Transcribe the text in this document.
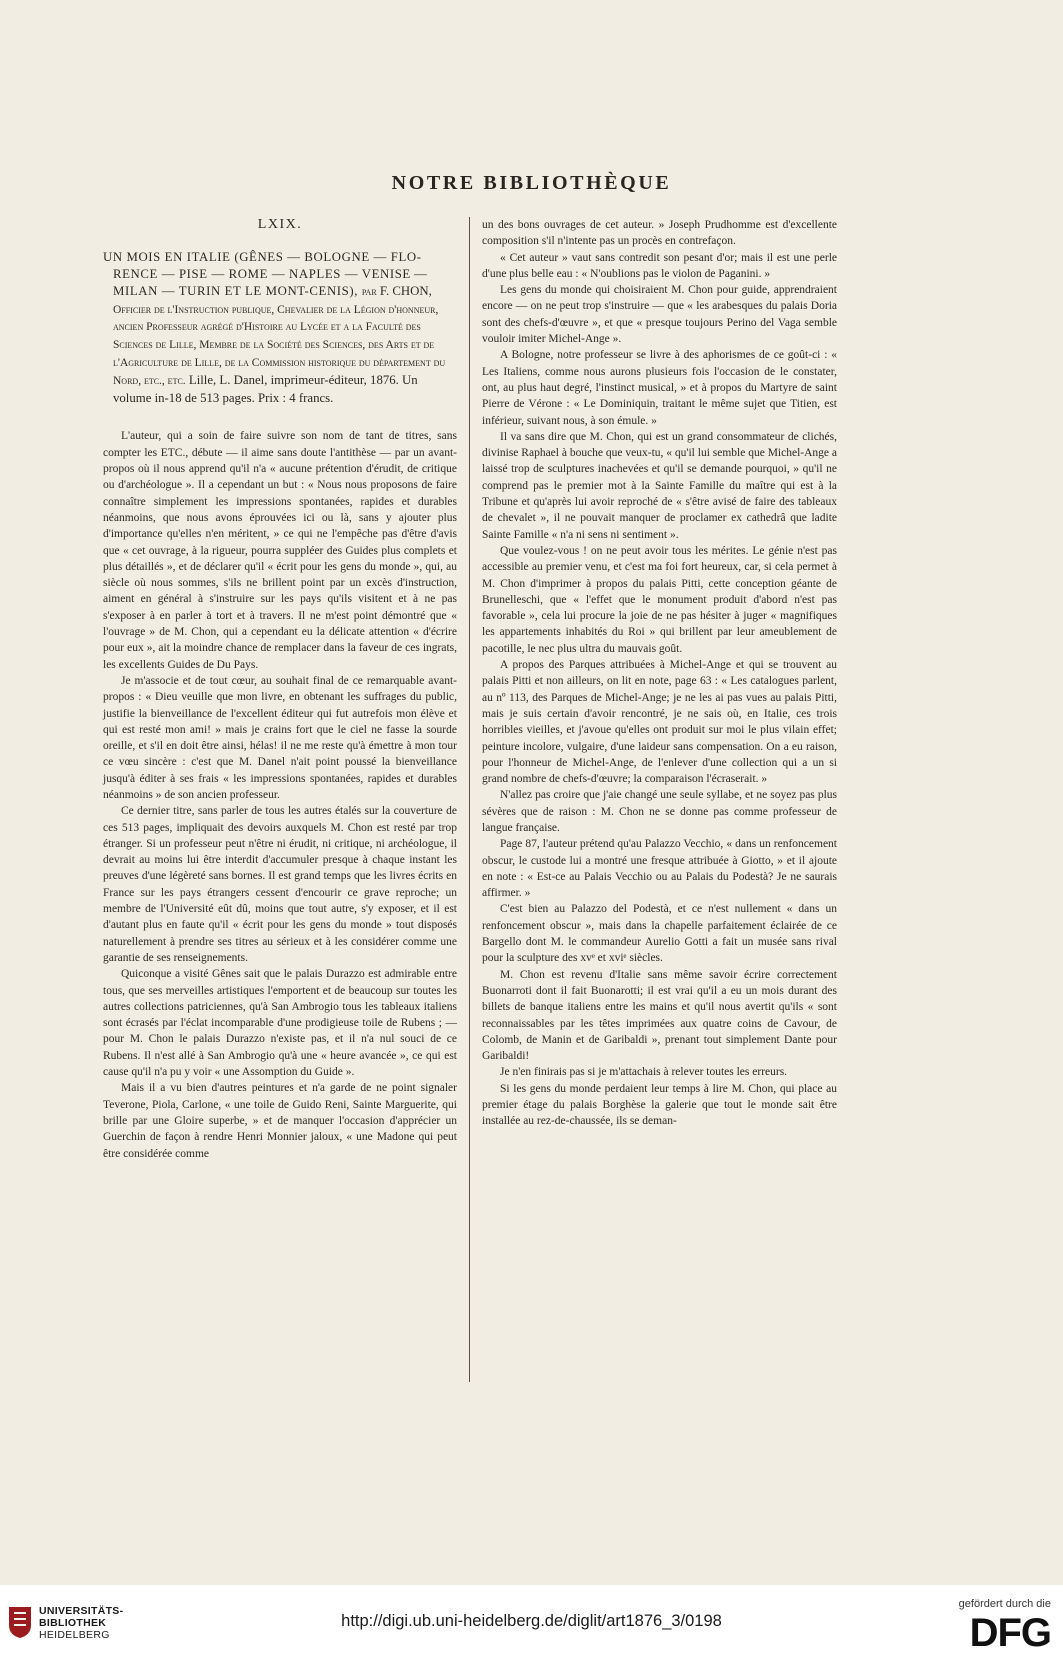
NOTRE BIBLIOTHÈQUE
LXIX.
UN MOIS EN ITALIE (GÊNES — BOLOGNE — FLO- RENCE — PISE — ROME — NAPLES — VENISE — MILAN — TURIN ET LE MONT-CENIS), par F. CHON, Officier de l'Instruction publique, Chevalier de la Légion d'honneur, ancien Professeur agrégé d'Histoire au Lycée et a la Faculté des Sciences de Lille, Membre de la Société des Sciences, des Arts et de l'Agriculture de Lille, de la Commission historique du département du Nord, etc., etc. Lille, L. Danel, imprimeur-éditeur, 1876. Un volume in-18 de 513 pages. Prix : 4 francs.

L'auteur, qui a soin de faire suivre son nom de tant de titres, sans compter les ETC., débute — il aime sans doute l'antithèse — par un avant-propos où il nous apprend qu'il n'a « aucune prétention d'érudit, de critique ou d'archéologue ». Il a cependant un but : « Nous nous proposons de faire connaître simplement les impressions spontanées, rapides et durables néanmoins, que nous avons éprouvées ici ou là, sans y ajouter plus d'importance qu'elles n'en méritent, » ce qui ne l'empêche pas d'être d'avis que « cet ouvrage, à la rigueur, pourra suppléer des Guides plus complets et plus détaillés », et de déclarer qu'il « écrit pour les gens du monde », qui, au siècle où nous sommes, s'ils ne brillent point par un excès d'instruction, aiment en général à s'instruire sur les pays qu'ils visitent et à ne pas s'exposer à en parler à tort et à travers. Il ne m'est point démontré que « l'ouvrage » de M. Chon, qui a cependant eu la délicate attention « d'écrire pour eux », ait la moindre chance de remplacer dans la faveur de ces ingrats, les excellents Guides de Du Pays.

Je m'associe et de tout cœur, au souhait final de ce remarquable avant-propos : « Dieu veuille que mon livre, en obtenant les suffrages du public, justifie la bienveillance de l'excellent éditeur qui fut autrefois mon élève et qui est resté mon ami! » mais je crains fort que le ciel ne fasse la sourde oreille, et s'il en doit être ainsi, hélas! il ne me reste qu'à émettre à mon tour ce vœu sincère : c'est que M. Danel n'ait point poussé la bienveillance jusqu'à éditer à ses frais « les impressions spontanées, rapides et durables néanmoins » de son ancien professeur.

Ce dernier titre, sans parler de tous les autres étalés sur la couverture de ces 513 pages, impliquait des devoirs auxquels M. Chon est resté par trop étranger. Si un professeur peut n'être ni érudit, ni critique, ni archéologue, il devrait au moins lui être interdit d'accumuler presque à chaque instant les preuves d'une légèreté sans bornes. Il est grand temps que les livres écrits en France sur les pays étrangers cessent d'encourir ce grave reproche; un membre de l'Université eût dû, moins que tout autre, s'y exposer, et il est d'autant plus en faute qu'il « écrit pour les gens du monde » tout disposés naturellement à prendre ses titres au sérieux et à les considérer comme une garantie de ses renseignements.

Quiconque a visité Gênes sait que le palais Durazzo est admirable entre tous, que ses merveilles artistiques l'emportent et de beaucoup sur toutes les autres collections patriciennes, qu'à San Ambrogio tous les tableaux italiens sont écrasés par l'éclat incomparable d'une prodigieuse toile de Rubens ; — pour M. Chon le palais Durazzo n'existe pas, et il n'a nul souci de ce Rubens. Il n'est allé à San Ambrogio qu'à une « heure avancée », ce qui est cause qu'il n'a pu y voir « une Assomption du Guide ».

Mais il a vu bien d'autres peintures et n'a garde de ne point signaler Teverone, Piola, Carlone, « une toile de Guido Reni, Sainte Marguerite, qui brille par une Gloire superbe, » et de manquer l'occasion d'apprécier un Guerchin de façon à rendre Henri Monnier jaloux, « une Madone qui peut être considérée comme

un des bons ouvrages de cet auteur. » Joseph Prudhomme est d'excellente composition s'il n'intente pas un procès en contrefaçon.

« Cet auteur » vaut sans contredit son pesant d'or; mais il est une perle d'une plus belle eau : « N'oublions pas le violon de Paganini. »

Les gens du monde qui choisiraient M. Chon pour guide, apprendraient encore — on ne peut trop s'instruire — que « les arabesques du palais Doria sont des chefs-d'œuvre », et que « presque toujours Perino del Vaga semble vouloir imiter Michel-Ange ».

A Bologne, notre professeur se livre à des aphorismes de ce goût-ci : « Les Italiens, comme nous aurons plusieurs fois l'occasion de le constater, ont, au plus haut degré, l'instinct musical, » et à propos du Martyre de saint Pierre de Vérone : « Le Dominiquin, traitant le même sujet que Titien, est inférieur, suivant nous, à son émule. »

Il va sans dire que M. Chon, qui est un grand consommateur de clichés, divinise Raphael à bouche que veux-tu, « qu'il lui semble que Michel-Ange a laissé trop de sculptures inachevées et qu'il se demande pourquoi, » qu'il ne comprend pas le premier mot à la Sainte Famille du maître qui est à la Tribune et qu'après lui avoir reproché de « s'être avisé de faire des tableaux de chevalet », il ne pouvait manquer de proclamer ex cathedrâ que ladite Sainte Famille « n'a ni sens ni sentiment ».

Que voulez-vous ! on ne peut avoir tous les mérites. Le génie n'est pas accessible au premier venu, et c'est ma foi fort heureux, car, si cela permet à M. Chon d'imprimer à propos du palais Pitti, cette conception géante de Brunelleschi, que « l'effet que le monument produit d'abord n'est pas favorable », cela lui procure la joie de ne pas hésiter à juger « magnifiques les appartements inhabités du Roi » qui brillent par leur ameublement de pacotille, le nec plus ultra du mauvais goût.

A propos des Parques attribuées à Michel-Ange et qui se trouvent au palais Pitti et non ailleurs, on lit en note, page 63 : « Les catalogues parlent, au nº 113, des Parques de Michel-Ange; je ne les ai pas vues au palais Pitti, mais je suis certain d'avoir rencontré, je ne sais où, en Italie, ces trois horribles vieilles, et j'avoue qu'elles ont produit sur moi le plus vilain effet; peinture incolore, vulgaire, d'une laideur sans compensation. On a eu raison, pour l'honneur de Michel-Ange, de l'enlever d'une collection qui a un si grand nombre de chefs-d'œuvre; la comparaison l'écraserait. »

N'allez pas croire que j'aie changé une seule syllabe, et ne soyez pas plus sévères que de raison : M. Chon ne se donne pas comme professeur de langue française.

Page 87, l'auteur prétend qu'au Palazzo Vecchio, « dans un renfoncement obscur, le custode lui a montré une fresque attribuée à Giotto, » et il ajoute en note : « Est-ce au Palais Vecchio ou au Palais du Podestà? Je ne saurais affirmer. »

C'est bien au Palazzo del Podestà, et ce n'est nullement « dans un renfoncement obscur », mais dans la chapelle parfaitement éclairée de ce Bargello dont M. le commandeur Aurelio Gotti a fait un musée sans rival pour la sculpture des xvᵉ et xviᵉ siècles.

M. Chon est revenu d'Italie sans même savoir écrire correctement Buonarroti dont il fait Buonarotti; il est vrai qu'il a eu un mois durant des billets de banque italiens entre les mains et qu'il nous avertit qu'ils « sont reconnaissables par les têtes imprimées aux quatre coins de Cavour, de Colomb, de Manin et de Garibaldi », prenant tout simplement Dante pour Garibaldi!

Je n'en finirais pas si je m'attachais à relever toutes les erreurs.

Si les gens du monde perdaient leur temps à lire M. Chon, qui place au premier étage du palais Borghèse la galerie que tout le monde sait être installée au rez-de-chaussée, ils se deman-

UNIVERSITÄTS-
BIBLIOTHEK
HEIDELBERG
http://digi.ub.uni-heidelberg.de/diglit/art1876_3/0198
gefördert durch die
DFG
